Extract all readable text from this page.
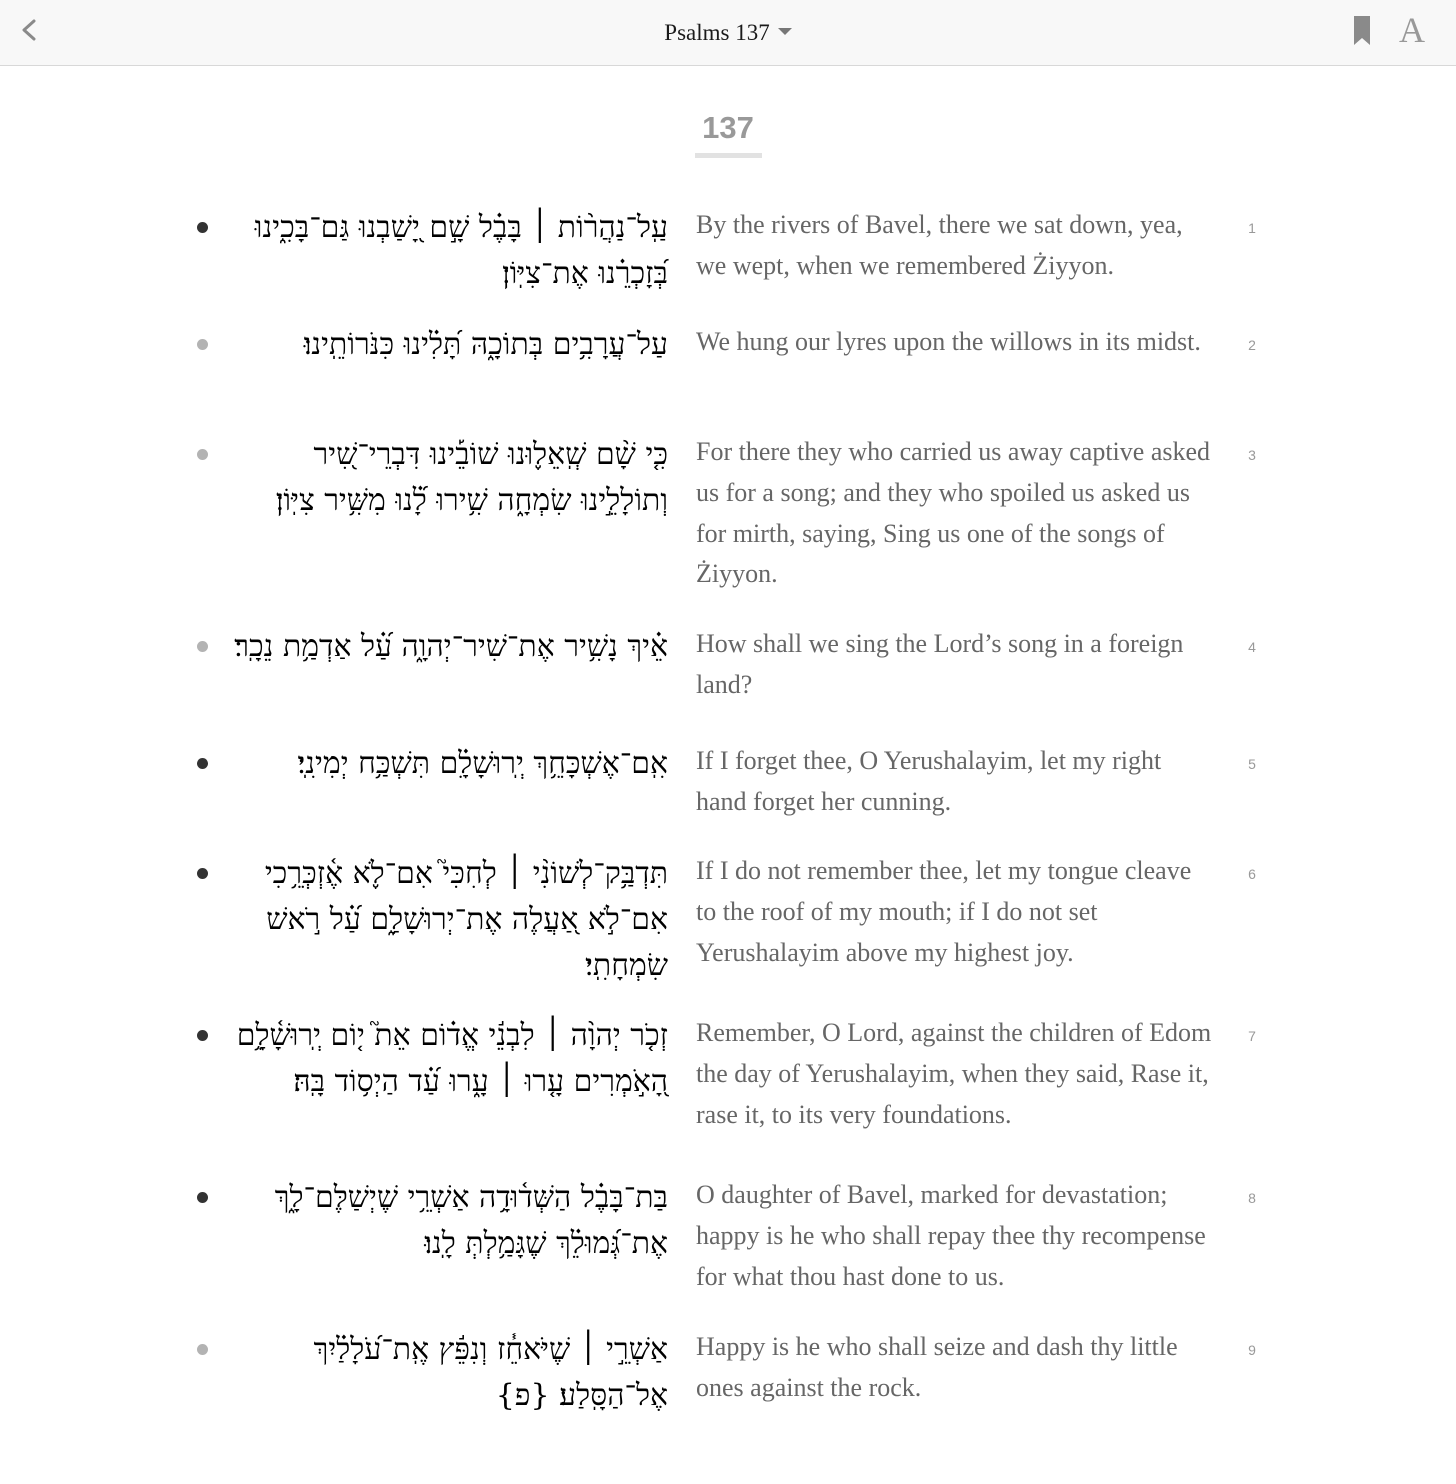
Psalms 137	A
137
עַֽל־נַהֲר֨וֹת ׀ בָּבֶ֗ל שָׁ֣ם יָ֭שַׁבְנוּ גַּם־בָּכִ֑ינוּ בְּ֝זָכְרֵ֗נוּ אֶת־צִיּֽוֹן׃
By the rivers of Bavel, there we sat down, yea, we wept, when we remembered Żiyyon.
1
עַל־עֲרָבִ֥ים בְּתוֹכָ֑הּ תָּ֝לִ֗ינוּ כִּנֹּרוֹתֵֽינוּ׃ We hung our lyres upon the willows in its midst.	2
כִּ֤י שָׁ֨ם שְֽׁאֵל֪וּנוּ שׁוֹבֵ֡ינוּ דִּבְרֵי־שִׁ֭יר וְתוֹלָלֵ֣ינוּ שִׂמְחָ֑ה שִׁ֥ירוּ לָ֝֗נוּ מִשִּׁ֥יר צִיּֽוֹן׃
For there they who carried us away captive asked us for a song; and they who spoiled us asked us for mirth, saying, Sing us one of the songs of Żiyyon.
3
אֵ֗יךְ נָשִׁ֥יר אֶת־שִׁיר־יְהוָ֑ה עַ֝֗ל אַדְמַ֥ת נֵכָֽר׃ How shall we sing the Lord’s song in a foreign land?
4
אִֽם־אֶשְׁכָּחֵ֥ךְ יְֽרוּשָׁלִָ֗ם תִּשְׁכַּ֥ח יְמִינִֽי׃ If I forget thee, O Yerushalayim, let my right hand forget her cunning.
5
תִּדְבַּ֥ק־לְשׁוֹנִ֨י ׀ לְחִכִּי֮ אִם־לֹ֪א אֶ֫זְכְּרֵ֥כִי אִם־לֹ֣א אַ֭עֲלֶה אֶת־יְרוּשָׁלִַ֑ם עַ֝֗ל רֹ֣אשׁ שִׂמְחָתִֽי׃
If I do not remember thee, let my tongue cleave to the roof of my mouth; if I do not set Yerushalayim above my highest joy.
6
זְכֹ֤ר יְהוָ֨ה ׀ לִבְנֵ֬י אֱד֗וֹם אֵת֮ י֤וֹם יְֽרוּשָׁ֫לִָ֥ם הָ֭אֹ֣מְרִים עָ֤רוּ ׀ עָ֑רוּ עַ֝֗ד הַיְס֥וֹד בָּֽהּ׃
Remember, O Lord, against the children of Edom the day of Yerushalayim, when they said, Rase it, rase it, to its very foundations.
7
בַּת־בָּבֶ֗ל הַשְּׁד֫וּדָ֥ה אַשְׁרֵ֥י שֶׁיְשַׁלֶּם־לָ֑ךְ אֶת־גְּ֝מוּלֵ֗ךְ שֶׁגָּמַ֥לְתְּ לָֽנוּ׃
O daughter of Bavel, marked for devastation; happy is he who shall repay thee thy recompense for what thou hast done to us.
8
אַשְׁרֵ֣י ׀ שֶׁיֹּאחֵ֓ז וְנִפֵּ֬ץ אֶֽת־עֹ֝לָלַ֗יִךְ אֶל־הַסָּֽלַע׃ {פ}
Happy is he who shall seize and dash thy little ones against the rock.
9
